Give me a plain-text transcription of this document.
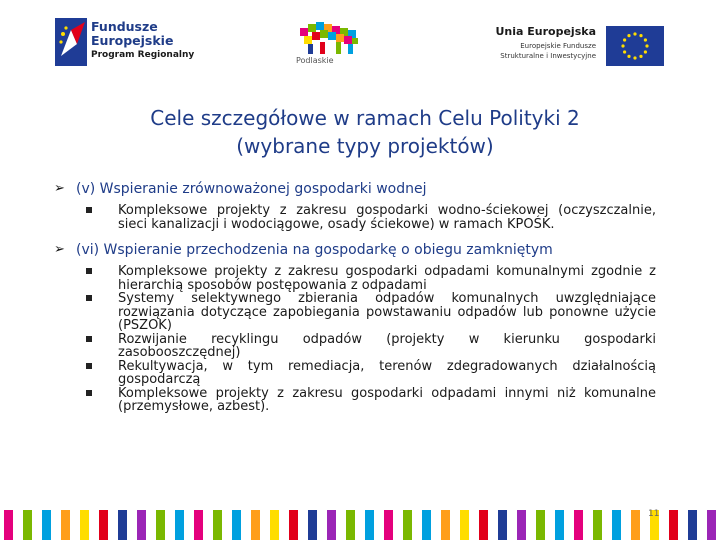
Fundusze
Europejskie
Program Regionalny
Podlaskie
Unia Europejska
Europejskie Fundusze
Strukturalne i Inwestycyjne
Cele szczegółowe w ramach Celu Polityki 2
(wybrane typy projektów)

➢ (v) Wspieranie zrównoważonej gospodarki wodnej

Kompleksowe projekty z zakresu gospodarki wodno-ściekowej (oczyszczalnie, sieci kanalizacji i wodociągowe, osady ściekowe) w ramach KPOŚK.

➢ (vi) Wspieranie przechodzenia na gospodarkę o obiegu zamkniętym

Kompleksowe projekty z zakresu gospodarki odpadami komunalnymi zgodnie z hierarchią sposobów postępowania z odpadami
Systemy selektywnego zbierania odpadów komunalnych uwzględniające rozwiązania dotyczące zapobiegania powstawaniu odpadów lub ponowne użycie (PSZOK)
Rozwijanie recyklingu odpadów (projekty w kierunku gospodarki zasobooszczędnej)
Rekultywacja, w tym remediacja, terenów zdegradowanych działalnością gospodarczą
Kompleksowe projekty z zakresu gospodarki odpadami innymi niż komunalne (przemysłowe, azbest).
11
